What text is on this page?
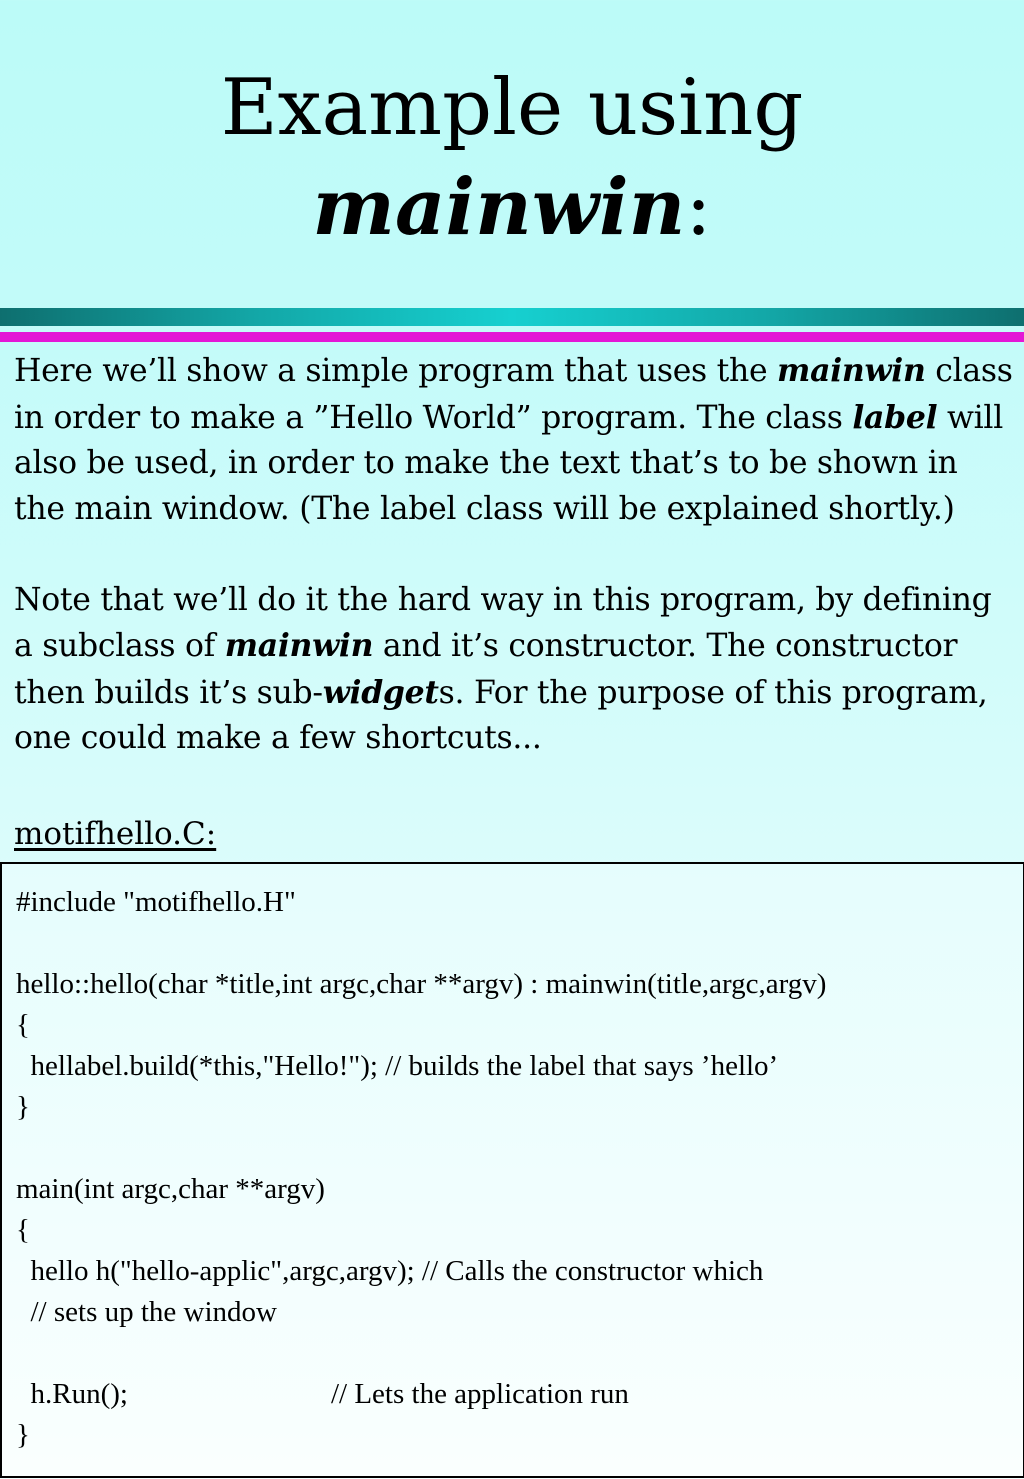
Example using
mainwin:

Here we’ll show a simple program that uses the mainwin class in order to make a ”Hello World” program. The class label will also be used, in order to make the text that’s to be shown in the main window. (The label class will be explained shortly.)

Note that we’ll do it the hard way in this program, by defining a subclass of mainwin and it’s constructor. The constructor then builds it’s sub-widgets. For the purpose of this program, one could make a few shortcuts...

motifhello.C:
#include "motifhello.H"
hello::hello(char *title,int argc,char **argv) : mainwin(title,argc,argv)
{
hellabel.build(*this,"Hello!"); // builds the label that says ’hello’
}
main(int argc,char **argv)
{
hello h("hello-applic",argc,argv); // Calls the constructor which
// sets up the window
h.Run();                            // Lets the application run
}
